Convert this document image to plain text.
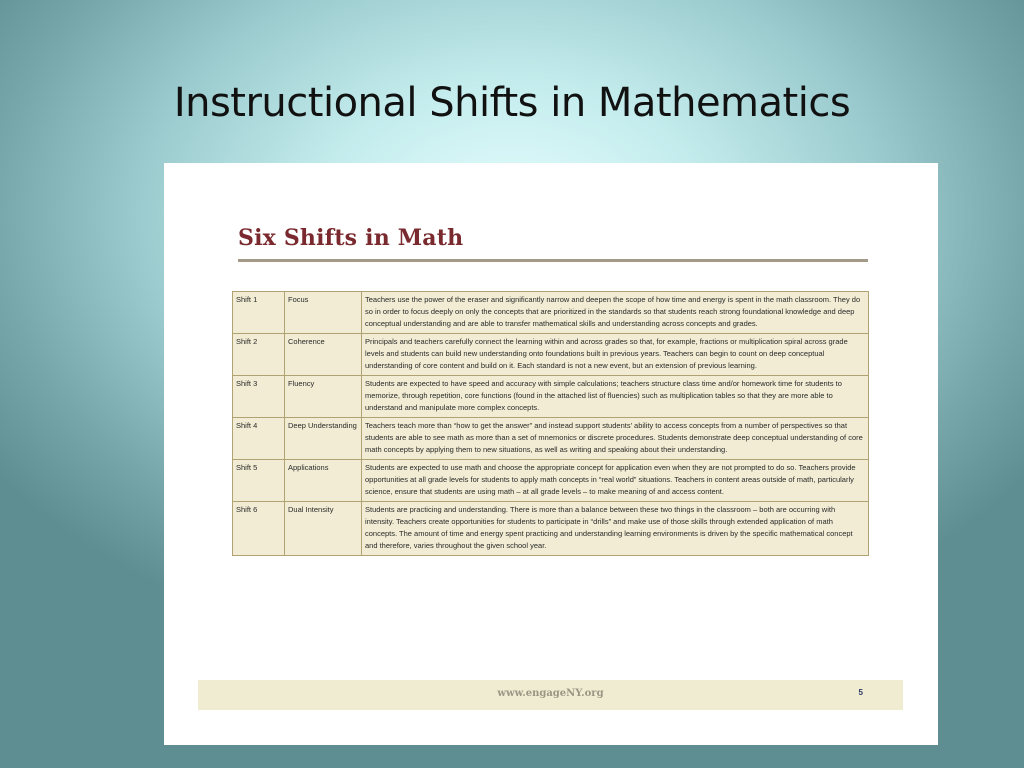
Instructional Shifts in Mathematics
Six Shifts in Math
Shift 1	Focus	Teachers use the power of the eraser and significantly narrow and deepen the scope of how time and energy is spent in the math classroom. They do so in order to focus deeply on only the concepts that are prioritized in the standards so that students reach strong foundational knowledge and deep conceptual understanding and are able to transfer mathematical skills and understanding across concepts and grades.
Shift 2	Coherence	Principals and teachers carefully connect the learning within and across grades so that, for example, fractions or multiplication spiral across grade levels and students can build new understanding onto foundations built in previous years. Teachers can begin to count on deep conceptual understanding of core content and build on it. Each standard is not a new event, but an extension of previous learning.
Shift 3	Fluency	Students are expected to have speed and accuracy with simple calculations; teachers structure class time and/or homework time for students to memorize, through repetition, core functions (found in the attached list of fluencies) such as multiplication tables so that they are more able to understand and manipulate more complex concepts.
Shift 4	Deep Understanding	Teachers teach more than “how to get the answer” and instead support students’ ability to access concepts from a number of perspectives so that students are able to see math as more than a set of mnemonics or discrete procedures. Students demonstrate deep conceptual understanding of core math concepts by applying them to new situations, as well as writing and speaking about their understanding.
Shift 5	Applications	Students are expected to use math and choose the appropriate concept for application even when they are not prompted to do so. Teachers provide opportunities at all grade levels for students to apply math concepts in “real world” situations. Teachers in content areas outside of math, particularly science, ensure that students are using math – at all grade levels – to make meaning of and access content.
Shift 6	Dual Intensity	Students are practicing and understanding. There is more than a balance between these two things in the classroom – both are occurring with intensity. Teachers create opportunities for students to participate in “drills” and make use of those skills through extended application of math concepts. The amount of time and energy spent practicing and understanding learning environments is driven by the specific mathematical concept and therefore, varies throughout the given school year.
www.engageNY.org	5
